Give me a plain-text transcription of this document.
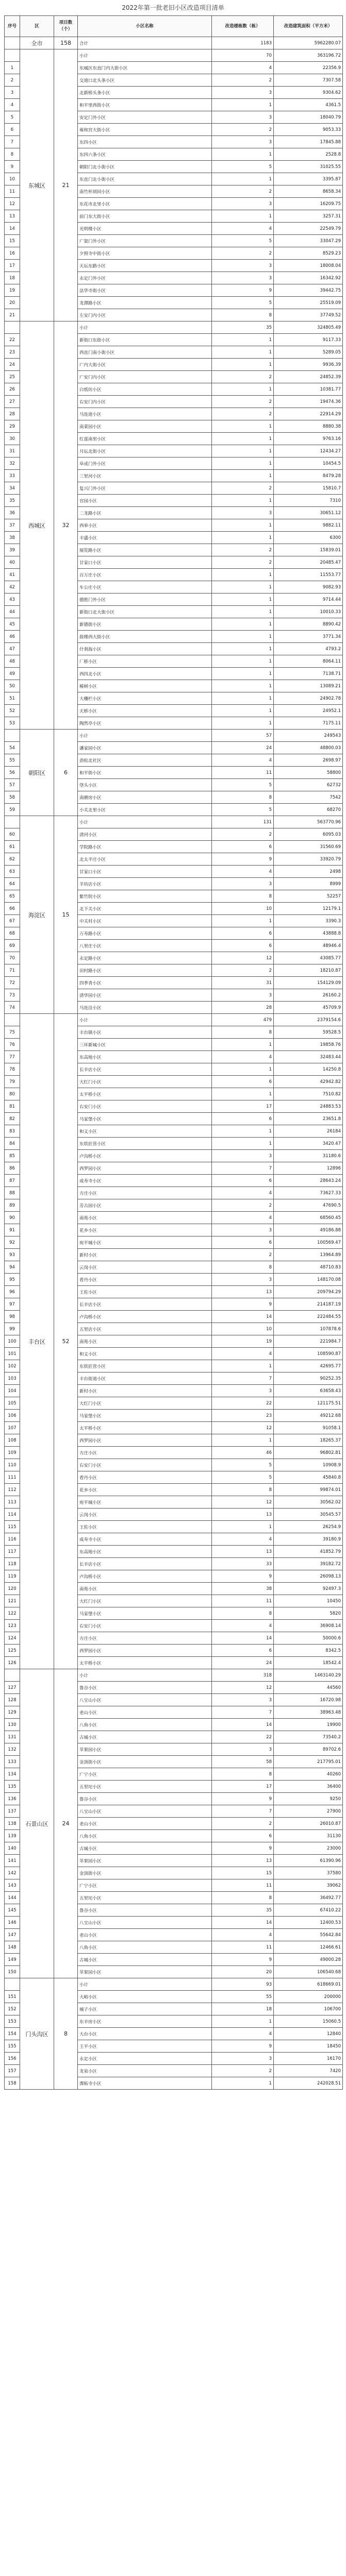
2022年第一批老旧小区改造项目清单
序号	区	项目数（个）	小区名称	改造楼栋数（栋）	改造建筑面积（平方米）
	全市	158	合计	1183	5962280.07
	东城区	21	小计	70	363196.72
1			东城区东直门内大街小区	4	22356.9
2			交道口北头条小区	2	7307.58
3			北新桥头条小区	3	9304.62
4			和平里西街小区	1	4361.5
5			安定门外小区	3	18040.79
6			雍和宫大街小区	2	9053.33
7			东四小区	3	17845.88
8			东四六条小区	1	2528.8
9			朝阳门北小街小区	5	31025.55
10			东直门北小街小区	1	3395.87
11			南竹杆胡同小区	2	8658.34
12			东花市北里小区	3	16209.75
13			前门东大街小区	1	3257.31
14			光明楼小区	4	22549.79
15			广渠门外小区	5	33047.29
16			夕照寺中街小区	2	8529.23
17			天坛东路小区	3	18008.04
18			永定门外小区	3	16342.92
19			法华寺街小区	9	39442.75
20			龙潭路小区	5	25519.09
21			左安门内小区	8	37749.52
	西城区	32	小计	35	324805.49
22			新街口东街小区	1	9117.33
23			西直门南小街小区	1	5289.05
24			广内大街小区	1	9936.39
25			广安门内小区	2	24852.39
26			白纸坊小区	1	10381.77
27			右安门内小区	2	19474.36
28			马连道小区	2	22914.29
29			南菜园小区	1	8880.38
30			红莲南里小区	1	9763.16
31			月坛北街小区	1	12434.27
32			阜成门外小区	1	10454.5
33			三里河小区	1	8479.28
34			复兴门外小区	2	15810.7
35			官园小区	1	7310
36			二龙路小区	3	30651.12
37			西单小区	1	9882.11
38			丰盛小区	1	6300
39			展览路小区	2	15839.01
40			甘家口小区	2	20485.47
41			百万庄小区	1	11553.77
42			车公庄小区	1	9082.93
43			德胜门外小区	1	9714.44
44			新街口北大街小区	1	10010.33
45			新德街小区	1	8890.42
46			鼓楼西大街小区	1	3771.34
47			什刹海小区	1	4793.2
48			厂桥小区	1	8064.11
49			西四北小区	1	7138.71
50			椿树小区	1	13089.21
51			大栅栏小区	1	24902.78
52			天桥小区	1	24952.1
53			陶然亭小区	1	7175.11
	朝阳区	6	小计	57	249543
54			潘家园小区	24	48800.03
55			劲松北社区	4	2698.97
56			和平街小区	11	58800
57			垡头小区	5	62732
58			南磨房小区	8	7542
59			小关北里小区	5	68270
	海淀区	15	小计	131	563770.96
60			清河小区	2	6095.03
61			学院路小区	6	31560.69
62			北太平庄小区	9	33920.79
63			甘家口小区	4	2498
64			羊坊店小区	3	8999
65			紫竹院小区	8	52257
66			北下关小区	10	12179.1
67			中关村小区	1	3390.3
68			万寿路小区	6	43888.8
69			八里庄小区	6	48946.4
70			永定路小区	12	43085.77
71			田村路小区	2	18210.87
72			四季青小区	31	154129.09
73			清华园小区	3	26160.2
74			马连洼小区	28	45709.9
	丰台区	52	小计	479	2379154.6
75			丰台镇小区	8	59528.5
76			三环新城小区	1	19858.76
77			东高地小区	4	32483.44
78			长辛店小区	1	14250.8
79			大红门小区	6	42942.82
80			太平桥小区	1	7510.82
81			右安门小区	17	24883.53
82			马家堡小区	6	23651.8
83			和义小区	1	26184
84			东铁匠营小区	1	3420.47
85			卢沟桥小区	3	31180.6
86			西罗园小区	7	12896
87			成寿寺小区	6	28643.24
88			方庄小区	4	73627.33
89			芳古园小区	2	47690.5
90			南苑小区	4	68560.45
91			花乡小区	3	49186.88
92			宛平城小区	6	100569.47
93			新村小区	2	13964.89
94			云岗小区	8	48710.83
95			看丹小区	3	148170.08
96			王佐小区	13	209794.29
97			长辛店小区	9	214187.19
98			卢沟桥小区	14	222484.55
99			五里店小区	10	107878.6
100			南苑小区	19	221984.7
101			和义小区	4	108590.87
102			东铁匠营小区	1	42695.77
103			丰台街道小区	7	90252.35
104			新村小区	3	63658.43
105			大红门小区	22	121175.51
106			马家堡小区	23	49212.68
107			太平桥小区	12	91058.1
108			西罗园小区	1	18265.37
109			方庄小区	46	96802.81
110			右安门小区	5	10908.9
111			看丹小区	5	45840.8
112			花乡小区	8	99874.01
113			宛平城小区	12	30562.02
114			云岗小区	13	30545.57
115			王佐小区	1	26254.9
116			成寿寺小区	4	39180.9
117			东高地小区	13	41852.79
118			长辛店小区	33	39182.72
119			卢沟桥小区	9	26098.13
120			南苑小区	38	92497.3
121			大红门小区	11	10450
122			马家堡小区	8	5820
123			右安门小区	4	36908.14
124			方庄小区	14	50000.6
125			西罗园小区	6	8342.5
126			太平桥小区	24	18542.4
	石景山区	24	小计	318	1463140.29
127			鲁谷小区	12	44560
128			八宝山小区	3	16720.98
129			老山小区	7	38963.48
130			八角小区	14	19900
131			古城小区	22	73540.2
132			苹果园小区	3	89702.6
133			金顶街小区	58	217795.01
134			广宁小区	8	40260
135			五里坨小区	17	36400
136			鲁谷小区	9	9250
137			八宝山小区	7	27900
138			老山小区	2	26010.87
139			八角小区	6	31130
140			古城小区	9	23000
141			苹果园小区	13	61390.96
142			金顶街小区	15	37580
143			广宁小区	11	39062
144			五里坨小区	8	36492.77
145			鲁谷小区	35	67410.22
146			八宝山小区	14	12400.53
147			老山小区	4	55642.84
148			八角小区	11	12466.61
149			古城小区	9	49000.28
150			苹果园小区	20	106540.68
	门头沟区	8	小计	93	618669.01
151			大峪小区	55	200000
152			城子小区	18	106700
153			东辛房小区	1	15060.5
154			大台小区	4	12840
155			王平小区	9	18450
156			永定小区	3	16170
157			龙泉小区	2	7420
158			潭柘寺小区	1	242028.51
